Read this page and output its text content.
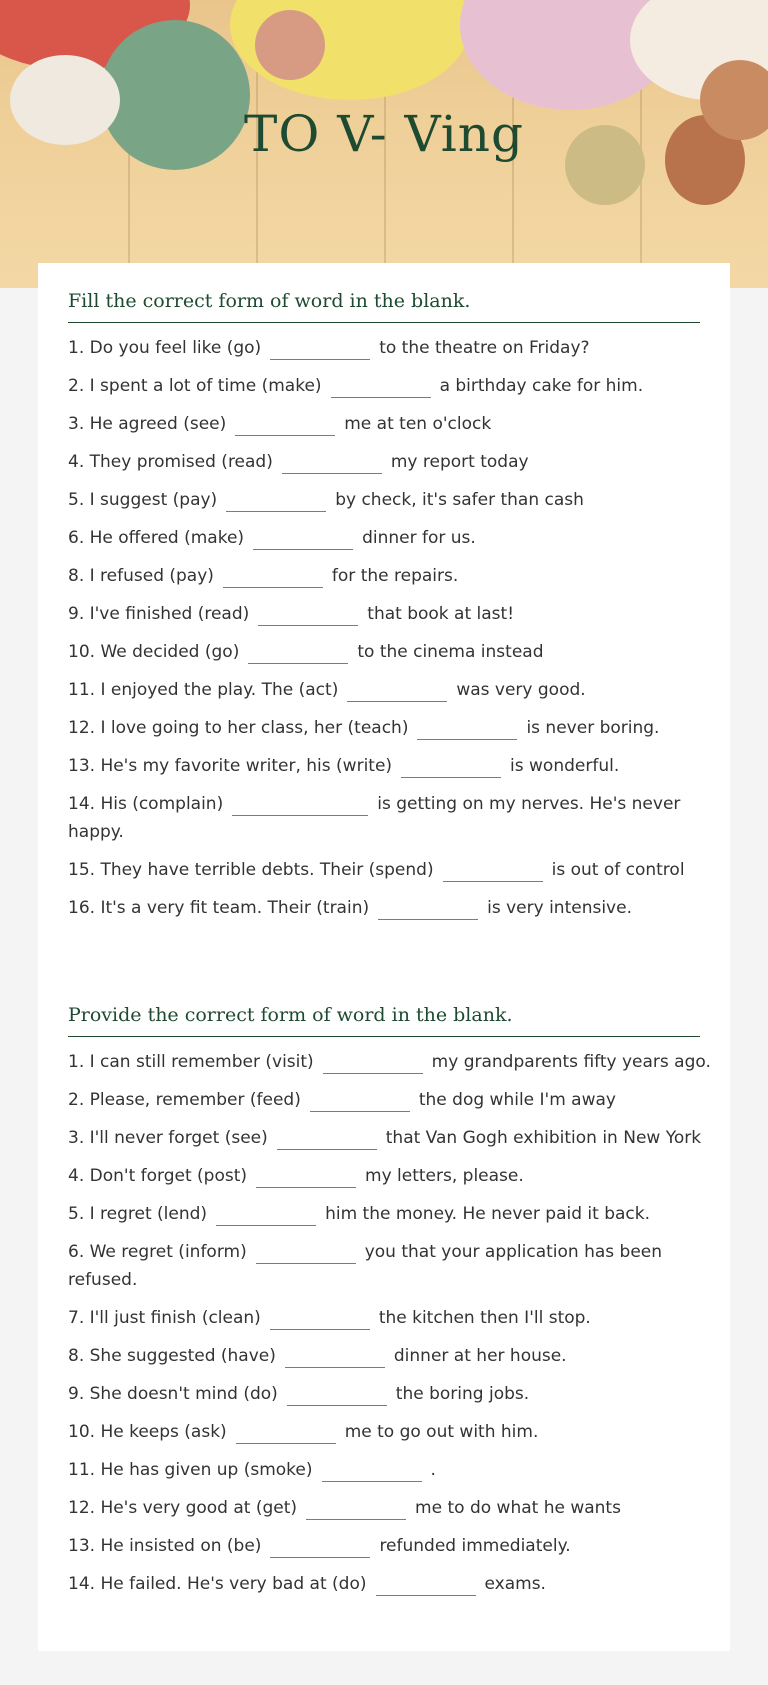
TO V- Ving
Fill the correct form of word in the blank.
1. Do you feel like (go)	to the theatre on Friday?
2. I spent a lot of time (make)	a birthday cake for him.
3. He agreed (see)	me at ten o'clock
4. They promised (read)	my report today
5. I suggest (pay)	by check, it's safer than cash
6. He offered (make)	dinner for us.
8. I refused (pay)	for the repairs.
9. I've finished (read)	that book at last!
10. We decided (go)	to the cinema instead
11. I enjoyed the play. The (act)	was very good.
12. I love going to her class, her (teach)	is never boring.
13. He's my favorite writer, his (write)	is wonderful.
14. His (complain)	is getting on my nerves. He's never happy.
15. They have terrible debts. Their (spend)	is out of control
16. It's a very fit team. Their (train)	is very intensive.
Provide the correct form of word in the blank.
1. I can still remember (visit)	my grandparents fifty years ago.
2. Please, remember (feed)	the dog while I'm away
3. I'll never forget (see)	that Van Gogh exhibition in New York
4. Don't forget (post)	my letters, please.
5. I regret (lend)	him the money. He never paid it back.
6. We regret (inform)	you that your application has been refused.
7. I'll just finish (clean)	the kitchen then I'll stop.
8. She suggested (have)	dinner at her house.
9. She doesn't mind (do)	the boring jobs.
10. He keeps (ask)	me to go out with him.
11. He has given up (smoke)	.
12. He's very good at (get)	me to do what he wants
13. He insisted on (be)	refunded immediately.
14. He failed. He's very bad at (do)	exams.
